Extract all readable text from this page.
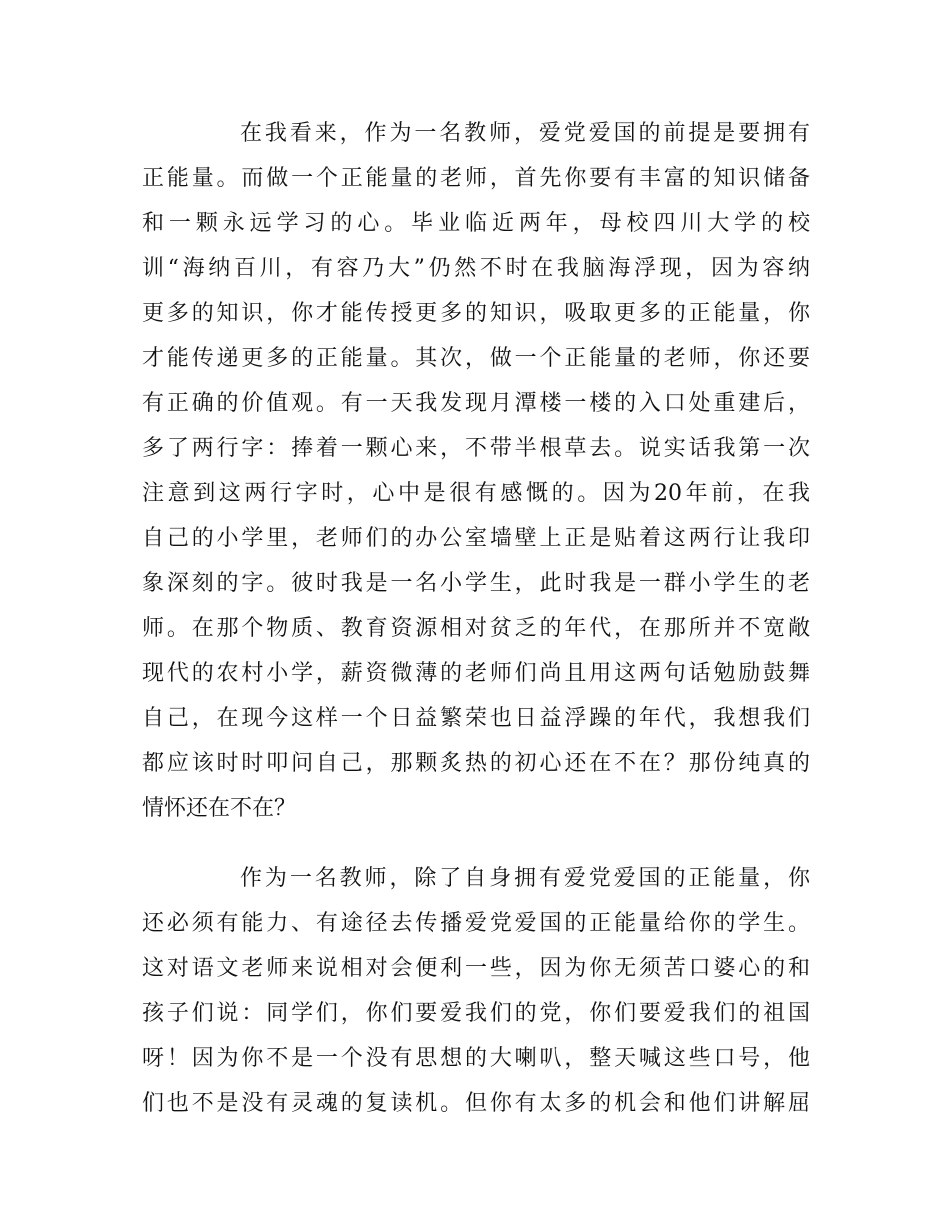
在我看来，作为一名教师，爱党爱国的前提是要拥有
正能量。而做一个正能量的老师，首先你要有丰富的知识储备
和一颗永远学习的心。毕业临近两年，母校四川大学的校
训“海纳百川，有容乃大”仍然不时在我脑海浮现，因为容纳
更多的知识，你才能传授更多的知识，吸取更多的正能量，你
才能传递更多的正能量。其次，做一个正能量的老师，你还要
有正确的价值观。有一天我发现月潭楼一楼的入口处重建后，
多了两行字：捧着一颗心来，不带半根草去。说实话我第一次
注意到这两行字时，心中是很有感慨的。因为20年前，在我
自己的小学里，老师们的办公室墙壁上正是贴着这两行让我印
象深刻的字。彼时我是一名小学生，此时我是一群小学生的老
师。在那个物质、教育资源相对贫乏的年代，在那所并不宽敞
现代的农村小学，薪资微薄的老师们尚且用这两句话勉励鼓舞
自己，在现今这样一个日益繁荣也日益浮躁的年代，我想我们
都应该时时叩问自己，那颗炙热的初心还在不在？那份纯真的
情怀还在不在？
作为一名教师，除了自身拥有爱党爱国的正能量，你
还必须有能力、有途径去传播爱党爱国的正能量给你的学生。
这对语文老师来说相对会便利一些，因为你无须苦口婆心的和
孩子们说：同学们，你们要爱我们的党，你们要爱我们的祖国
呀！因为你不是一个没有思想的大喇叭，整天喊这些口号，他
们也不是没有灵魂的复读机。但你有太多的机会和他们讲解屈
